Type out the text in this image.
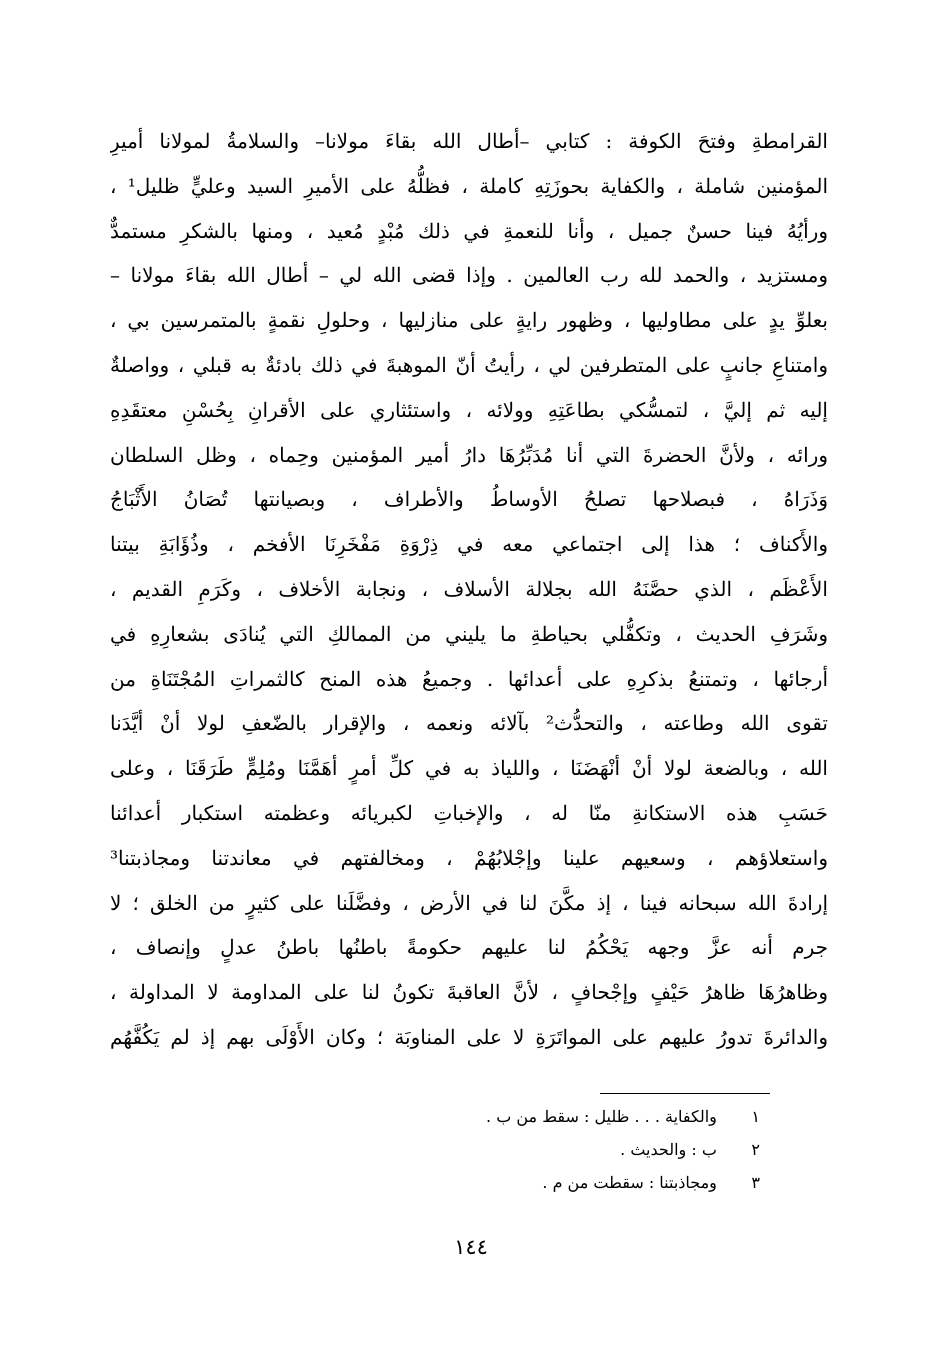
القرامطةِ وفتحَ الكوفة : كتابي –أطال الله بقاءَ مولانا– والسلامةُ لمولانا أميرِ
المؤمنين شاملة ، والكفاية بحوزَتِهِ كاملة ، فظلُّهُ على الأميرِ السيد وعليٍّ ظليل¹ ،
ورأيُهُ فينا حسنٌ جميل ، وأنا للنعمةِ في ذلك مُبْدٍ مُعيد ، ومنها بالشكرِ مستمدٌّ
ومستزيد ، والحمد لله رب العالمين . وإذا قضى الله لي – أطال الله بقاءَ مولانا –
بعلوِّ يدٍ على مطاوليها ، وظهور رايةٍ على منازليها ، وحلولِ نقمةٍ بالمتمرسين بي ،
وامتناعِ جانبٍ على المتطرفين لي ، رأيتُ أنّ الموهبةَ في ذلك بادئةٌ به قبلي ، وواصلةٌ
إليه ثم إليَّ ، لتمسُّكي بطاعَتِهِ وولائه ، واستئثاري على الأقرانِ بِحُسْنِ معتقَدِهِ
ورائه ، ولأنَّ الحضرةَ التي أنا مُدَبِّرُهَا دارُ أمير المؤمنين وحِماه ، وظل السلطان
وَذَرَاهُ ، فبصلاحها تصلحُ الأوساطُ والأطراف ، وبصيانتها تُصَانُ الأَثْبَاجُ
والأَكناف ؛ هذا إلى اجتماعي معه في ذِرْوَةِ مَفْخَرِنَا الأفخم ، وذُؤَابَةِ بيتنا
الأَعْظَم ، الذي حصَّنَهُ الله بجلالة الأسلاف ، ونجابة الأخلاف ، وكَرَمِ القديم ،
وشَرَفِ الحديث ، وتكفُّلي بحياطةِ ما يليني من الممالكِ التي يُنادَى بشعارِهِ في
أرجائها ، وتمتنعُ بذكرِهِ على أعدائها . وجميعُ هذه المنح كالثمراتِ المُجْتَنَاةِ من
تقوى الله وطاعته ، والتحدُّث² بآلائه ونعمه ، والإقرار بالضّعفِ لولا أنْ أيَّدَنا
الله ، وبالضعة لولا أنْ أنْهَضَنَا ، واللياذ به في كلِّ أمرٍ أهَمَّنَا ومُلِمٍّ طَرَقَنَا ، وعلى
حَسَبِ هذه الاستكانةِ منّا له ، والإخباتِ لكبريائه وعظمته استكبار أعدائنا
واستعلاؤهم ، وسعيهم علينا وإجْلابُهُمْ ، ومخالفتهم في معاندتنا ومجاذبتنا³
إرادةَ الله سبحانه فينا ، إذ مكَّنَ لنا في الأرض ، وفضَّلَنا على كثيرٍ من الخلق ؛ لا
جرم أنه عزَّ وجهه يَحْكُمُ لنا عليهم حكومةً باطنُها باطنُ عدلٍ وإنصاف ،
وظاهرُهَا ظاهرُ حَيْفٍ وإجْحافٍ ، لأنَّ العاقبةَ تكونُ لنا على المداومة لا المداولة ،
والدائرةَ تدورُ عليهم على المواتَرَةِ لا على المناوبَة ؛ وكان الأَوْلَى بهم إذ لم يَكُفَّهُم
١ والكفاية . . . ظليل : سقط من ب .
٢ ب : والحديث .
٣ ومجاذبتنا : سقطت من م .
١٤٤
